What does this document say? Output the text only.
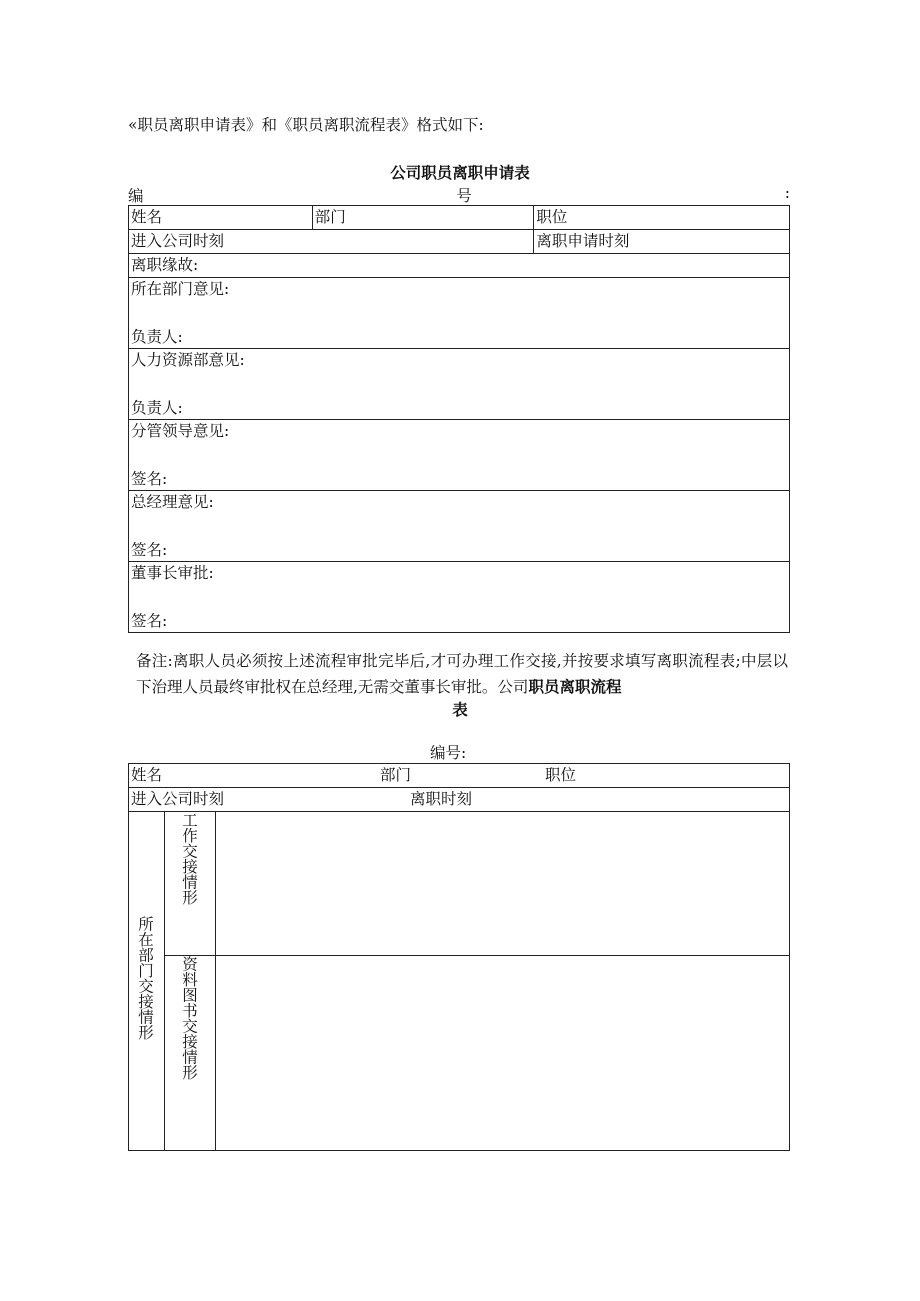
«职员离职申请表》和《职员离职流程表》格式如下:
公司职员离职申请表
编	号	:
姓名	部门	职位
进入公司时刻		离职申请时刻
离职缘故:		

所在部门意见:
负责人:		

人力资源部意见:
负责人:		

分管领导意见:
签名:		

总经理意见:
签名:		

董事长审批:
签名:		
备注:离职人员必须按上述流程审批完毕后,才可办理工作交接,并按要求填写离职流程表;中层以下治理人员最终审批权在总经理,无需交董事长审批。公司职员离职流程
表
编号:
姓名 部门 职位		
进入公司时刻 离职时刻		
所在部门交接情形	工作交接情形	
	资料图书交接情形	
